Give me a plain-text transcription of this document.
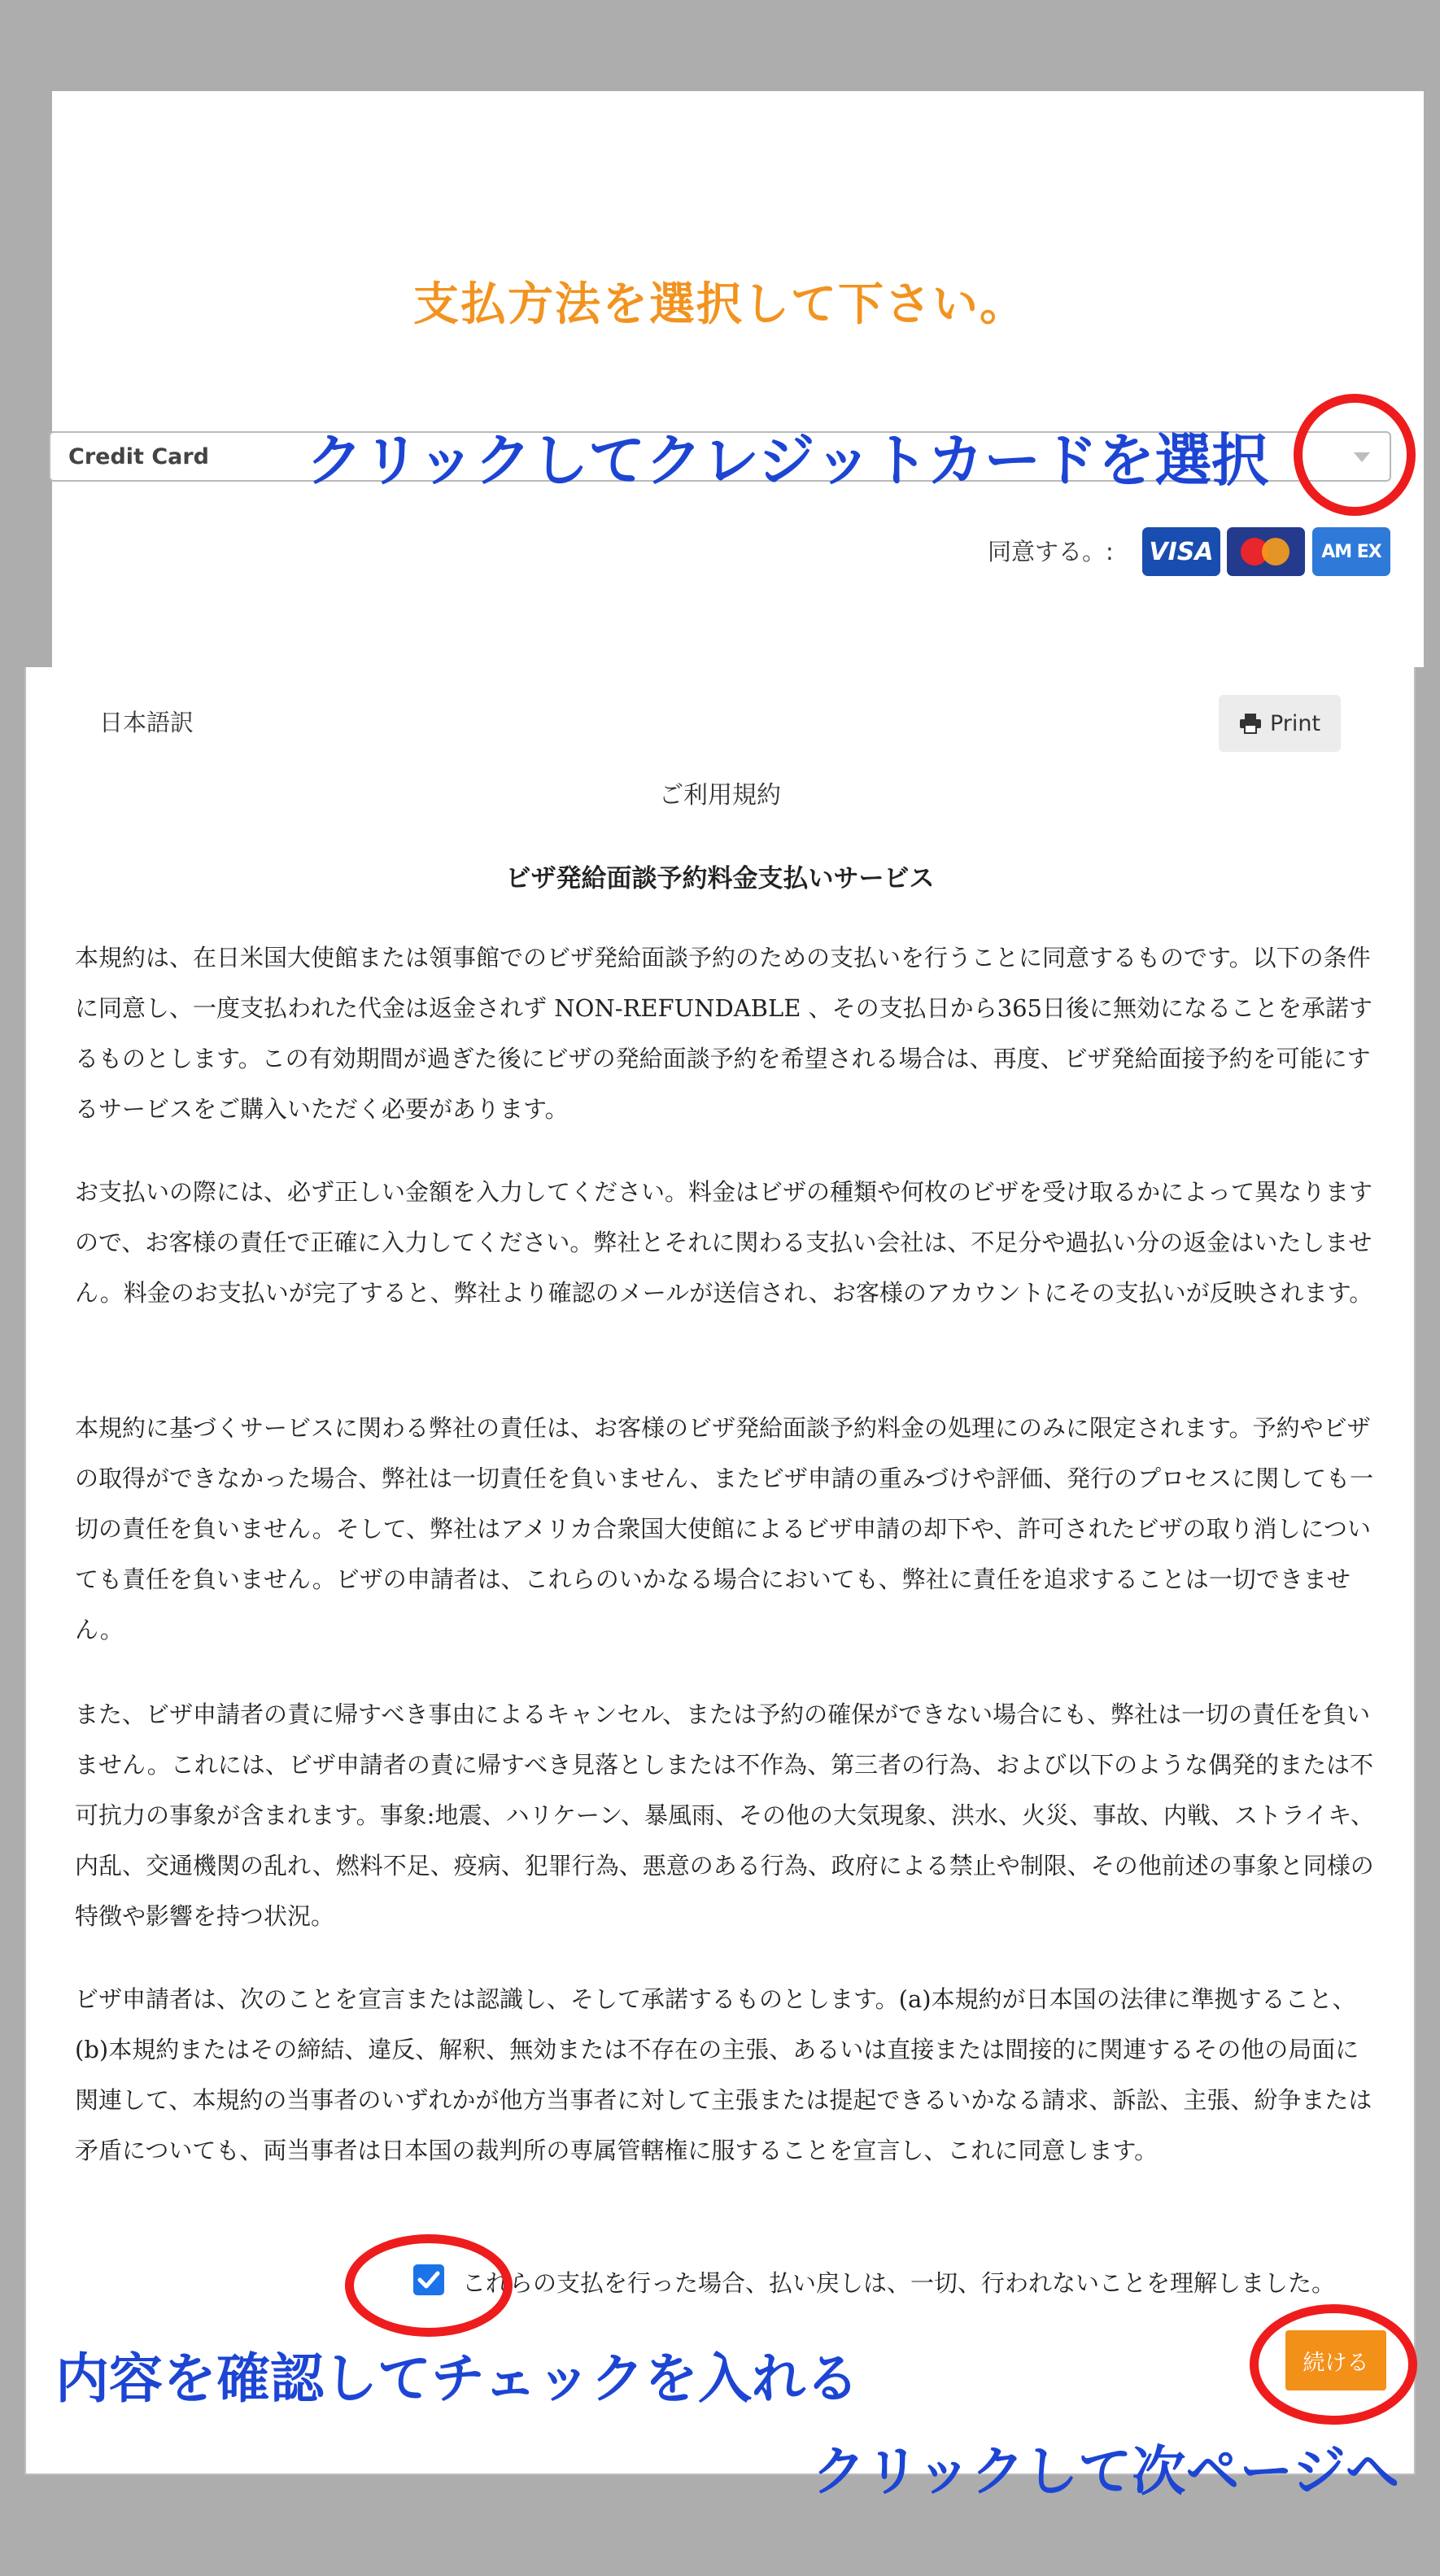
支払方法を選択して下さい。
Credit Card
同意する。: VISA	AM EX
日本語訳	Print
ご利用規約
ビザ発給面談予約料金支払いサービス

本規約は、在日米国大使館または領事館でのビザ発給面談予約のための支払いを行うことに同意するものです。以下の条件に同意し、一度支払われた代金は返金されず NON-REFUNDABLE 、その支払日から365日後に無効になることを承諾するものとします。この有効期間が過ぎた後にビザの発給面談予約を希望される場合は、再度、ビザ発給面接予約を可能にするサービスをご購入いただく必要があります。

お支払いの際には、必ず正しい金額を入力してください。料金はビザの種類や何枚のビザを受け取るかによって異なりますので、お客様の責任で正確に入力してください。弊社とそれに関わる支払い会社は、不足分や過払い分の返金はいたしません。料金のお支払いが完了すると、弊社より確認のメールが送信され、お客様のアカウントにその支払いが反映されます。

本規約に基づくサービスに関わる弊社の責任は、お客様のビザ発給面談予約料金の処理にのみに限定されます。予約やビザの取得ができなかった場合、弊社は一切責任を負いません、またビザ申請の重みづけや評価、発行のプロセスに関しても一切の責任を負いません。そして、弊社はアメリカ合衆国大使館によるビザ申請の却下や、許可されたビザの取り消しについても責任を負いません。ビザの申請者は、これらのいかなる場合においても、弊社に責任を追求することは一切できません。

また、ビザ申請者の責に帰すべき事由によるキャンセル、または予約の確保ができない場合にも、弊社は一切の責任を負いません。これには、ビザ申請者の責に帰すべき見落としまたは不作為、第三者の行為、および以下のような偶発的または不可抗力の事象が含まれます。事象:地震、ハリケーン、暴風雨、その他の大気現象、洪水、火災、事故、内戦、ストライキ、内乱、交通機関の乱れ、燃料不足、疫病、犯罪行為、悪意のある行為、政府による禁止や制限、その他前述の事象と同様の特徴や影響を持つ状況。

ビザ申請者は、次のことを宣言または認識し、そして承諾するものとします。(a)本規約が日本国の法律に準拠すること、(b)本規約またはその締結、違反、解釈、無効または不存在の主張、あるいは直接または間接的に関連するその他の局面に関連して、本規約の当事者のいずれかが他方当事者に対して主張または提起できるいかなる請求、訴訟、主張、紛争または矛盾についても、両当事者は日本国の裁判所の専属管轄権に服することを宣言し、これに同意します。

これらの支払を行った場合、払い戻しは、一切、行われないことを理解しました。
続ける
クリックしてクレジットカードを選択
内容を確認してチェックを入れる
クリックして次ページへ
